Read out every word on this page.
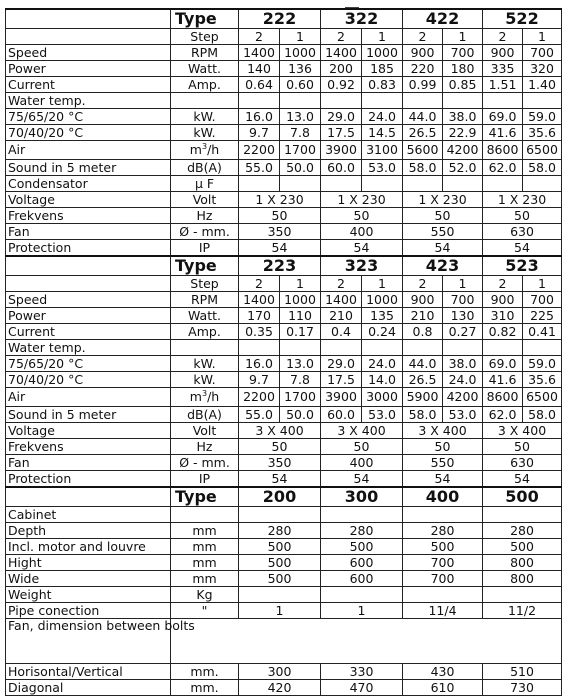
	Type	222		322		422		522	
	Step	2	1	2	1	2	1	2	1
Speed	RPM	1400	1000	1400	1000	900	700	900	700
Power	Watt.	140	136	200	185	220	180	335	320
Current	Amp.	0.64	0.60	0.92	0.83	0.99	0.85	1.51	1.40
Water temp.									
75/65/20 °C	kW.	16.0	13.0	29.0	24.0	44.0	38.0	69.0	59.0
70/40/20 °C	kW.	9.7	7.8	17.5	14.5	26.5	22.9	41.6	35.6
Air	$m^3/h$	2200	1700	3900	3100	5600	4200	8600	6500
Sound in 5 meter	dB(A)	55.0	50.0	60.0	53.0	58.0	52.0	62.0	58.0
Condensator	μ F								
Voltage	Volt	1 X 230		1 X 230		1 X 230		1 X 230	
Frekvens	Hz	50		50		50		50	
Fan	Ø - mm.	350		400		550		630	
Protection	IP	54		54		54		54	
	Type	223		323		423		523	
	Step	2	1	2	1	2	1	2	1
Speed	RPM	1400	1000	1400	1000	900	700	900	700
Power	Watt.	170	110	210	135	210	130	310	225
Current	Amp.	0.35	0.17	0.4	0.24	0.8	0.27	0.82	0.41
Water temp.									
75/65/20 °C	kW.	16.0	13.0	29.0	24.0	44.0	38.0	69.0	59.0
70/40/20 °C	kW.	9.7	7.8	17.5	14.0	26.5	24.0	41.6	35.6
Air	$m^3/h$	2200	1700	3900	3000	5900	4200	8600	6500
Sound in 5 meter	dB(A)	55.0	50.0	60.0	53.0	58.0	53.0	62.0	58.0
Voltage	Volt	3 X 400		3 X 400		3 X 400		3 X 400	
Frekvens	Hz	50		50		50		50	
Fan	Ø - mm.	350		400		550		630	
Protection	IP	54		54		54		54	
	Type	200		300		400		500	
Cabinet									
Depth	mm	280		280		280		280	
Incl. motor and louvre	mm	500		500		500		500	
Hight	mm	500		600		700		800	
Wide	mm	500		600		700		800	
Weight	Kg								
Pipe conection	"	1		1		11/4		11/2	
Fan, dimension between bolts									
Horisontal/Vertical	mm.	300		330		430		510	
Diagonal	mm.	420		470		610		730	
